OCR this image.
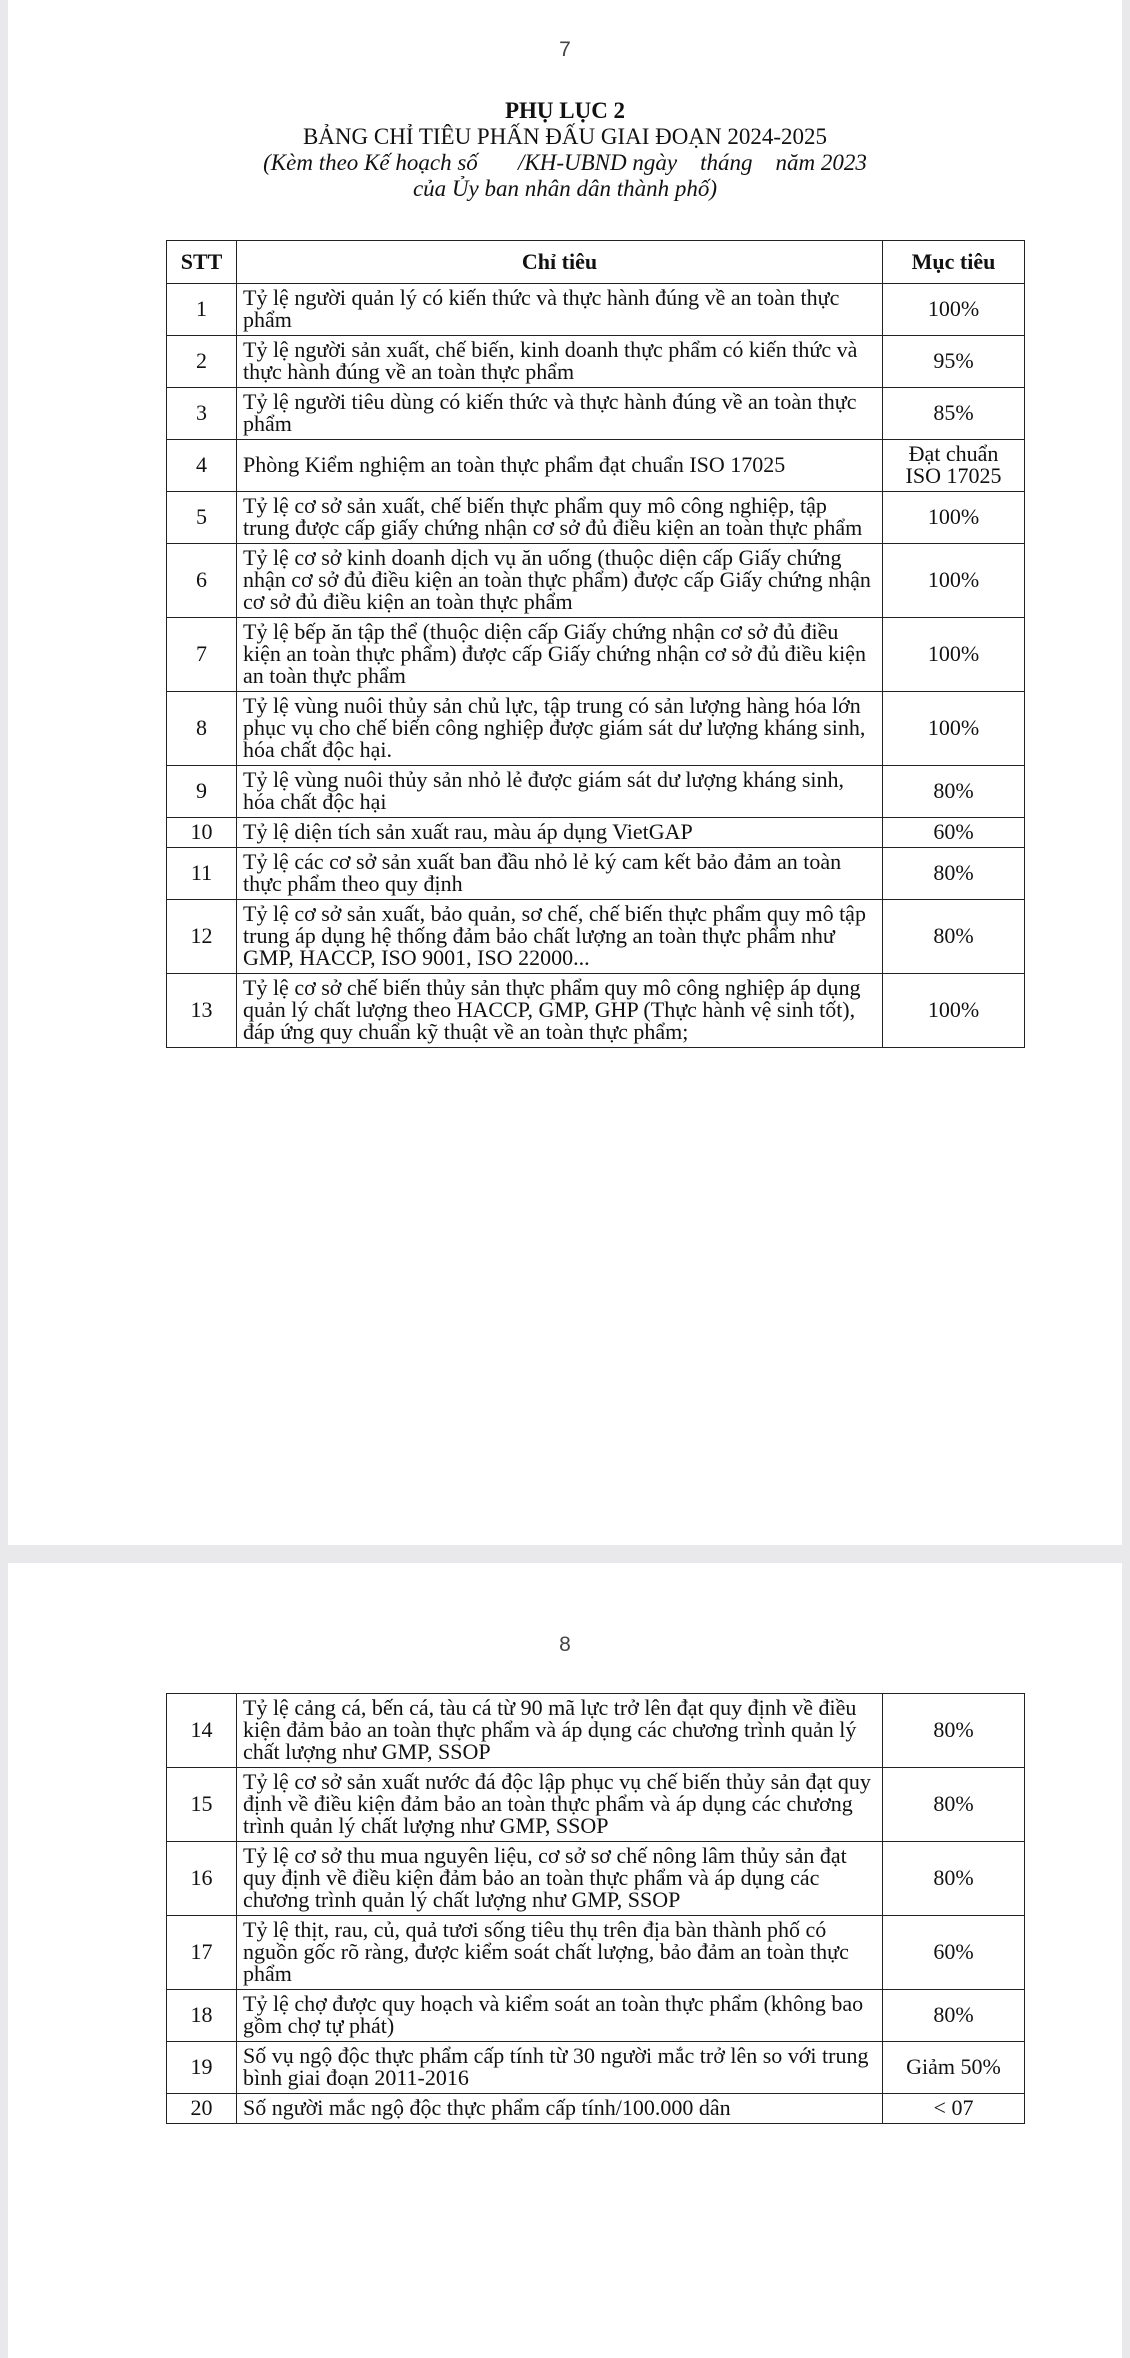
7
PHỤ LỤC 2
BẢNG CHỈ TIÊU PHẤN ĐẤU GIAI ĐOẠN 2024-2025
(Kèm theo Kế hoạch số       /KH-UBND ngày    tháng    năm 2023
của Ủy ban nhân dân thành phố)
STT	Chỉ tiêu	Mục tiêu
1	Tỷ lệ người quản lý có kiến thức và thực hành đúng về an toàn thực phẩm	100%
2	Tỷ lệ người sản xuất, chế biến, kinh doanh thực phẩm có kiến thức và thực hành đúng về an toàn thực phẩm	95%
3	Tỷ lệ người tiêu dùng có kiến thức và thực hành đúng về an toàn thực phẩm	85%
4	Phòng Kiểm nghiệm an toàn thực phẩm đạt chuẩn ISO 17025	Đạt chuẩn ISO 17025
5	Tỷ lệ cơ sở sản xuất, chế biến thực phẩm quy mô công nghiệp, tập trung được cấp giấy chứng nhận cơ sở đủ điều kiện an toàn thực phẩm	100%
6	Tỷ lệ cơ sở kinh doanh dịch vụ ăn uống (thuộc diện cấp Giấy chứng nhận cơ sở đủ điều kiện an toàn thực phẩm) được cấp Giấy chứng nhận cơ sở đủ điều kiện an toàn thực phẩm	100%
7	Tỷ lệ bếp ăn tập thể (thuộc diện cấp Giấy chứng nhận cơ sở đủ điều kiện an toàn thực phẩm) được cấp Giấy chứng nhận cơ sở đủ điều kiện an toàn thực phẩm	100%
8	Tỷ lệ vùng nuôi thủy sản chủ lực, tập trung có sản lượng hàng hóa lớn phục vụ cho chế biến công nghiệp được giám sát dư lượng kháng sinh, hóa chất độc hại.	100%
9	Tỷ lệ vùng nuôi thủy sản nhỏ lẻ được giám sát dư lượng kháng sinh, hóa chất độc hại	80%
10	Tỷ lệ diện tích sản xuất rau, màu áp dụng VietGAP	60%
11	Tỷ lệ các cơ sở sản xuất ban đầu nhỏ lẻ ký cam kết bảo đảm an toàn thực phẩm theo quy định	80%
12	Tỷ lệ cơ sở sản xuất, bảo quản, sơ chế, chế biến thực phẩm quy mô tập trung áp dụng hệ thống đảm bảo chất lượng an toàn thực phẩm như GMP, HACCP, ISO 9001, ISO 22000...	80%
13	Tỷ lệ cơ sở chế biến thủy sản thực phẩm quy mô công nghiệp áp dụng quản lý chất lượng theo HACCP, GMP, GHP (Thực hành vệ sinh tốt), đáp ứng quy chuẩn kỹ thuật về an toàn thực phẩm;	100%
8
14	Tỷ lệ cảng cá, bến cá, tàu cá từ 90 mã lực trở lên đạt quy định về điều kiện đảm bảo an toàn thực phẩm và áp dụng các chương trình quản lý chất lượng như GMP, SSOP	80%
15	Tỷ lệ cơ sở sản xuất nước đá độc lập phục vụ chế biến thủy sản đạt quy định về điều kiện đảm bảo an toàn thực phẩm và áp dụng các chương trình quản lý chất lượng như GMP, SSOP	80%
16	Tỷ lệ cơ sở thu mua nguyên liệu, cơ sở sơ chế nông lâm thủy sản đạt quy định về điều kiện đảm bảo an toàn thực phẩm và áp dụng các chương trình quản lý chất lượng như GMP, SSOP	80%
17	Tỷ lệ thịt, rau, củ, quả tươi sống tiêu thụ trên địa bàn thành phố có nguồn gốc rõ ràng, được kiểm soát chất lượng, bảo đảm an toàn thực phẩm	60%
18	Tỷ lệ chợ được quy hoạch và kiểm soát an toàn thực phẩm (không bao gồm chợ tự phát)	80%
19	Số vụ ngộ độc thực phẩm cấp tính từ 30 người mắc trở lên so với trung bình giai đoạn 2011-2016	Giảm 50%
20	Số người mắc ngộ độc thực phẩm cấp tính/100.000 dân	< 07
